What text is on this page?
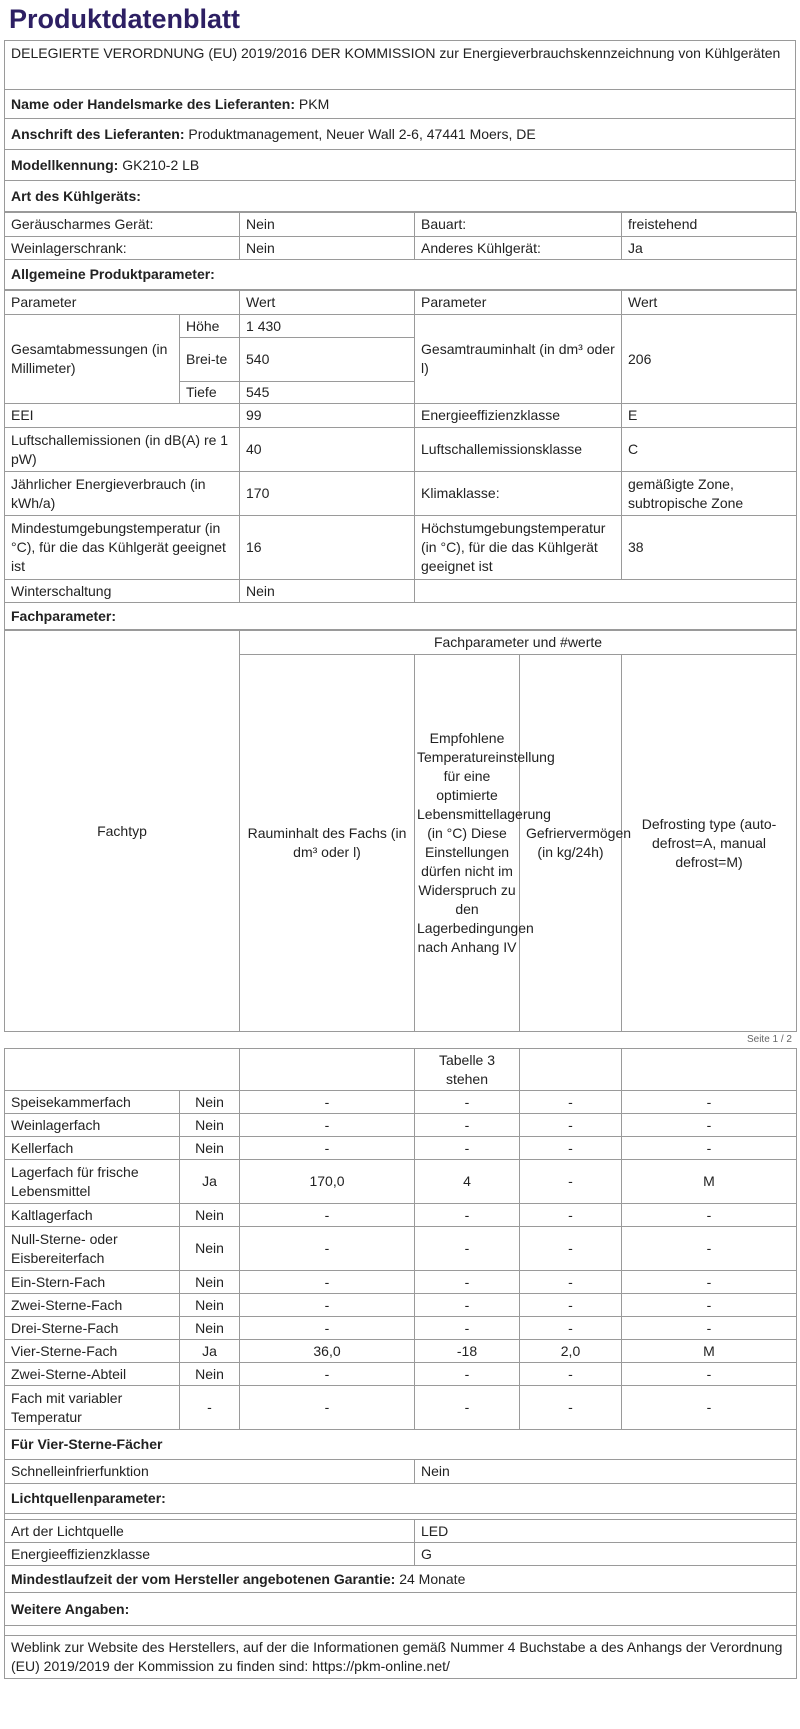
Produktdatenblatt
DELEGIERTE VERORDNUNG (EU) 2019/2016 DER KOMMISSION zur Energieverbrauchskennzeichnung von Kühlgeräten
Name oder Handelsmarke des Lieferanten: PKM
Anschrift des Lieferanten: Produktmanagement, Neuer Wall 2-6, 47441 Moers, DE
Modellkennung: GK210-2 LB
Art des Kühlgeräts:
Geräuscharmes Gerät:	Nein	Bauart:	freistehend
Weinlagerschrank:	Nein	Anderes Kühlgerät:	Ja
Allgemeine Produktparameter:			
Parameter		Wert	Parameter	Wert
Gesamtabmessungen (in Millimeter)	Höhe	1 430	Gesamtrauminhalt (in dm³ oder l)	206
	Brei-te	540		
	Tiefe	545		
EEI		99	Energieeffizienzklasse	E
Luftschallemissionen (in dB(A) re 1 pW)		40	Luftschallemissionsklasse	C
Jährlicher Energieverbrauch (in kWh/a)		170	Klimaklasse:	gemäßigte Zone, subtropische Zone
Mindestumgebungstemperatur (in °C), für die das Kühlgerät geeignet ist		16	Höchstumgebungstemperatur (in °C), für die das Kühlgerät geeignet ist	38
Winterschaltung		Nein		
Fachparameter:				
Fachtyp	Fachparameter und #werte			
	Rauminhalt des Fachs (in dm³ oder l)	Empfohlene Temperatureinstellung für eine optimierte Lebensmittellagerung (in °C) Diese Einstellungen dürfen nicht im Widerspruch zu den Lagerbedingungen nach Anhang IV	Gefriervermögen (in kg/24h)	Defrosting type (auto-defrost=A, manual defrost=M)
Seite 1 / 2
			Tabelle 3 stehen		
Speisekammerfach	Nein	-	-	-	-
Weinlagerfach	Nein	-	-	-	-
Kellerfach	Nein	-	-	-	-
Lagerfach für frische Lebensmittel	Ja	170,0	4	-	M
Kaltlagerfach	Nein	-	-	-	-
Null-Sterne- oder Eisbereiterfach	Nein	-	-	-	-
Ein-Stern-Fach	Nein	-	-	-	-
Zwei-Sterne-Fach	Nein	-	-	-	-
Drei-Sterne-Fach	Nein	-	-	-	-
Vier-Sterne-Fach	Ja	36,0	-18	2,0	M
Zwei-Sterne-Abteil	Nein	-	-	-	-
Fach mit variabler Temperatur	-	-	-	-	-
Für Vier-Sterne-Fächer					
Schnelleinfrierfunktion			Nein		
Lichtquellenparameter:					

Art der Lichtquelle			LED		
Energieeffizienzklasse			G		
Mindestlaufzeit der vom Hersteller angebotenen Garantie: 24 Monate					
Weitere Angaben:					

Weblink zur Website des Herstellers, auf der die Informationen gemäß Nummer 4 Buchstabe a des Anhangs der Verordnung (EU) 2019/2019 der Kommission zu finden sind: https://pkm-online.net/					
